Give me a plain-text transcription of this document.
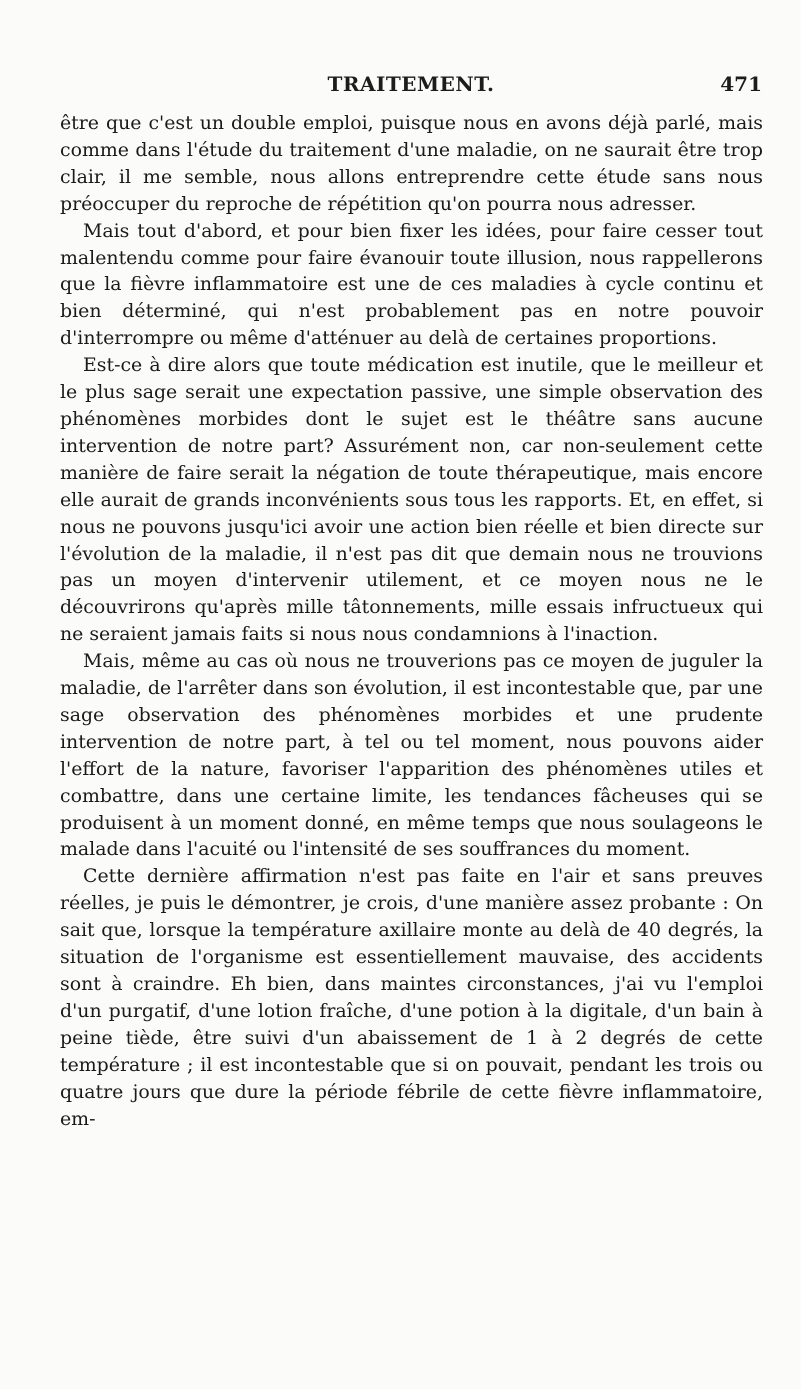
TRAITEMENT.	471

être que c'est un double emploi, puisque nous en avons déjà parlé, mais comme dans l'étude du traitement d'une maladie, on ne saurait être trop clair, il me semble, nous allons entreprendre cette étude sans nous préoccuper du reproche de répétition qu'on pourra nous adresser.

Mais tout d'abord, et pour bien fixer les idées, pour faire cesser tout malentendu comme pour faire évanouir toute illusion, nous rappellerons que la fièvre inflammatoire est une de ces maladies à cycle continu et bien déterminé, qui n'est probablement pas en notre pouvoir d'interrompre ou même d'atténuer au delà de certaines proportions.

Est-ce à dire alors que toute médication est inutile, que le meilleur et le plus sage serait une expectation passive, une simple observation des phénomènes morbides dont le sujet est le théâtre sans aucune intervention de notre part? Assurément non, car non-seulement cette manière de faire serait la négation de toute thérapeutique, mais encore elle aurait de grands inconvénients sous tous les rapports. Et, en effet, si nous ne pouvons jusqu'ici avoir une action bien réelle et bien directe sur l'évolution de la maladie, il n'est pas dit que demain nous ne trouvions pas un moyen d'intervenir utilement, et ce moyen nous ne le découvrirons qu'après mille tâtonnements, mille essais infructueux qui ne seraient jamais faits si nous nous condamnions à l'inaction.

Mais, même au cas où nous ne trouverions pas ce moyen de juguler la maladie, de l'arrêter dans son évolution, il est incontestable que, par une sage observation des phénomènes morbides et une prudente intervention de notre part, à tel ou tel moment, nous pouvons aider l'effort de la nature, favoriser l'apparition des phénomènes utiles et combattre, dans une certaine limite, les tendances fâcheuses qui se produisent à un moment donné, en même temps que nous soulageons le malade dans l'acuité ou l'intensité de ses souffrances du moment.

Cette dernière affirmation n'est pas faite en l'air et sans preuves réelles, je puis le démontrer, je crois, d'une manière assez probante : On sait que, lorsque la température axillaire monte au delà de 40 degrés, la situation de l'organisme est essentiellement mauvaise, des accidents sont à craindre. Eh bien, dans maintes circonstances, j'ai vu l'emploi d'un purgatif, d'une lotion fraîche, d'une potion à la digitale, d'un bain à peine tiède, être suivi d'un abaissement de 1 à 2 degrés de cette température ; il est incontestable que si on pouvait, pendant les trois ou quatre jours que dure la période fébrile de cette fièvre inflammatoire, em-
